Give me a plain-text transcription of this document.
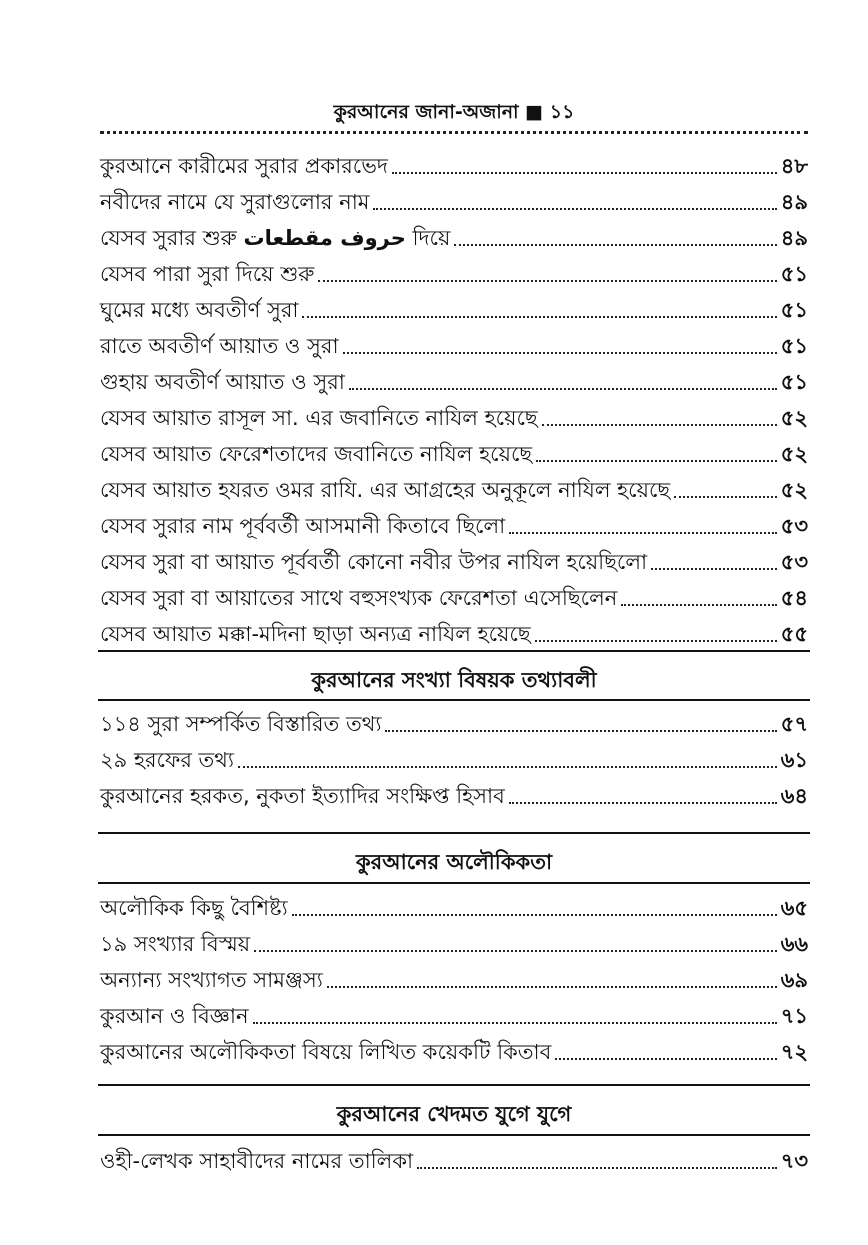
কুরআনের জানা-অজানা ■ ১১
কুরআনে কারীমের সুরার প্রকারভেদ	৪৮
নবীদের নামে যে সুরাগুলোর নাম	৪৯
যেসব সুরার শুরু حروف مقطعات দিয়ে	৪৯
যেসব পারা সুরা দিয়ে শুরু	৫১
ঘুমের মধ্যে অবতীর্ণ সুরা	৫১
রাতে অবতীর্ণ আয়াত ও সুরা	৫১
গুহায় অবতীর্ণ আয়াত ও সুরা	৫১
যেসব আয়াত রাসূল সা. এর জবানিতে নাযিল হয়েছে	৫২
যেসব আয়াত ফেরেশতাদের জবানিতে নাযিল হয়েছে	৫২
যেসব আয়াত হযরত ওমর রাযি. এর আগ্রহের অনুকূলে নাযিল হয়েছে	৫২
যেসব সুরার নাম পূর্ববর্তী আসমানী কিতাবে ছিলো	৫৩
যেসব সুরা বা আয়াত পূর্ববর্তী কোনো নবীর উপর নাযিল হয়েছিলো	৫৩
যেসব সুরা বা আয়াতের সাথে বহুসংখ্যক ফেরেশতা এসেছিলেন	৫৪
যেসব আয়াত মক্কা-মদিনা ছাড়া অন্যত্র নাযিল হয়েছে	৫৫
কুরআনের সংখ্যা বিষয়ক তথ্যাবলী
১১৪ সুরা সম্পর্কিত বিস্তারিত তথ্য	৫৭
২৯ হরফের তথ্য	৬১
কুরআনের হরকত, নুকতা ইত্যাদির সংক্ষিপ্ত হিসাব	৬৪
কুরআনের অলৌকিকতা
অলৌকিক কিছু বৈশিষ্ট্য	৬৫
১৯ সংখ্যার বিস্ময়	৬৬
অন্যান্য সংখ্যাগত সামঞ্জস্য	৬৯
কুরআন ও বিজ্ঞান	৭১
কুরআনের অলৌকিকতা বিষয়ে লিখিত কয়েকটি কিতাব	৭২
কুরআনের খেদমত যুগে যুগে
ওহী-লেখক সাহাবীদের নামের তালিকা	৭৩
